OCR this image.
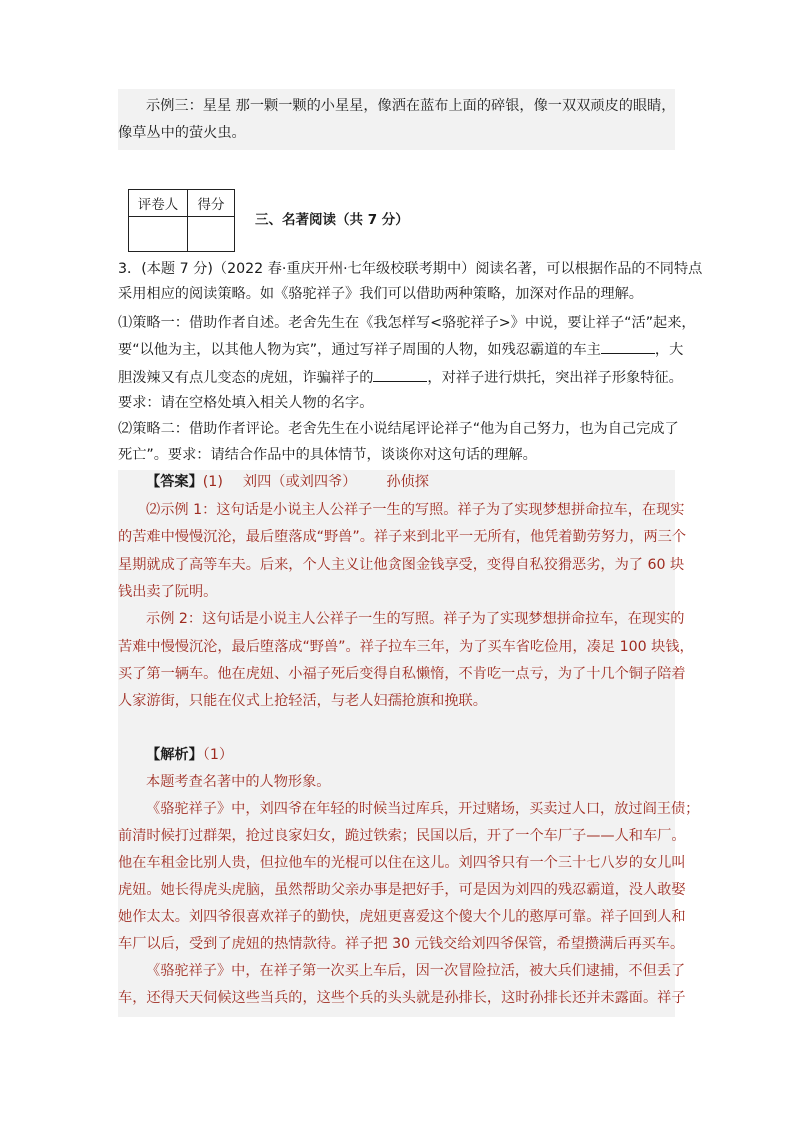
示例三：星星 那一颗一颗的小星星，像洒在蓝布上面的碎银，像一双双顽皮的眼睛，
像草丛中的萤火虫。
评卷人	得分

三、名著阅读（共 7 分）
3．(本题 7 分)（2022 春·重庆开州·七年级校联考期中）阅读名著，可以根据作品的不同特点
采用相应的阅读策略。如《骆驼祥子》我们可以借助两种策略，加深对作品的理解。
⑴策略一：借助作者自述。老舍先生在《我怎样写<骆驼祥子>》中说，要让祥子“活”起来，
要“以他为主，以其他人物为宾”，通过写祥子周围的人物，如残忍霸道的车主	，大
胆泼辣又有点儿变态的虎妞，诈骗祥子的	，对祥子进行烘托，突出祥子形象特征。
要求：请在空格处填入相关人物的名字。
⑵策略二：借助作者评论。老舍先生在小说结尾评论祥子“他为自己努力，也为自己完成了
死亡”。要求：请结合作品中的具体情节，谈谈你对这句话的理解。
【答案】(1) 刘四（或刘四爷） 孙侦探
⑵示例 1：这句话是小说主人公祥子一生的写照。祥子为了实现梦想拼命拉车，在现实
的苦难中慢慢沉沦，最后堕落成“野兽”。祥子来到北平一无所有，他凭着勤劳努力，两三个
星期就成了高等车夫。后来，个人主义让他贪图金钱享受，变得自私狡猾恶劣，为了 60 块
钱出卖了阮明。
示例 2：这句话是小说主人公祥子一生的写照。祥子为了实现梦想拼命拉车，在现实的
苦难中慢慢沉沦，最后堕落成“野兽”。祥子拉车三年，为了买车省吃俭用，凑足 100 块钱，
买了第一辆车。他在虎妞、小福子死后变得自私懒惰，不肯吃一点亏，为了十几个铜子陪着
人家游街，只能在仪式上抢轻活，与老人妇孺抢旗和挽联。
【解析】（1）
本题考查名著中的人物形象。
《骆驼祥子》中，刘四爷在年轻的时候当过库兵，开过赌场，买卖过人口，放过阎王债；
前清时候打过群架，抢过良家妇女，跪过铁索；民国以后，开了一个车厂子——人和车厂。
他在车租金比别人贵，但拉他车的光棍可以住在这儿。刘四爷只有一个三十七八岁的女儿叫
虎妞。她长得虎头虎脑，虽然帮助父亲办事是把好手，可是因为刘四的残忍霸道，没人敢娶
她作太太。刘四爷很喜欢祥子的勤快，虎妞更喜爱这个傻大个儿的憨厚可靠。祥子回到人和
车厂以后，受到了虎妞的热情款待。祥子把 30 元钱交给刘四爷保管，希望攒满后再买车。
《骆驼祥子》中，在祥子第一次买上车后，因一次冒险拉活，被大兵们逮捕，不但丢了
车，还得天天伺候这些当兵的，这些个兵的头头就是孙排长，这时孙排长还并未露面。祥子
